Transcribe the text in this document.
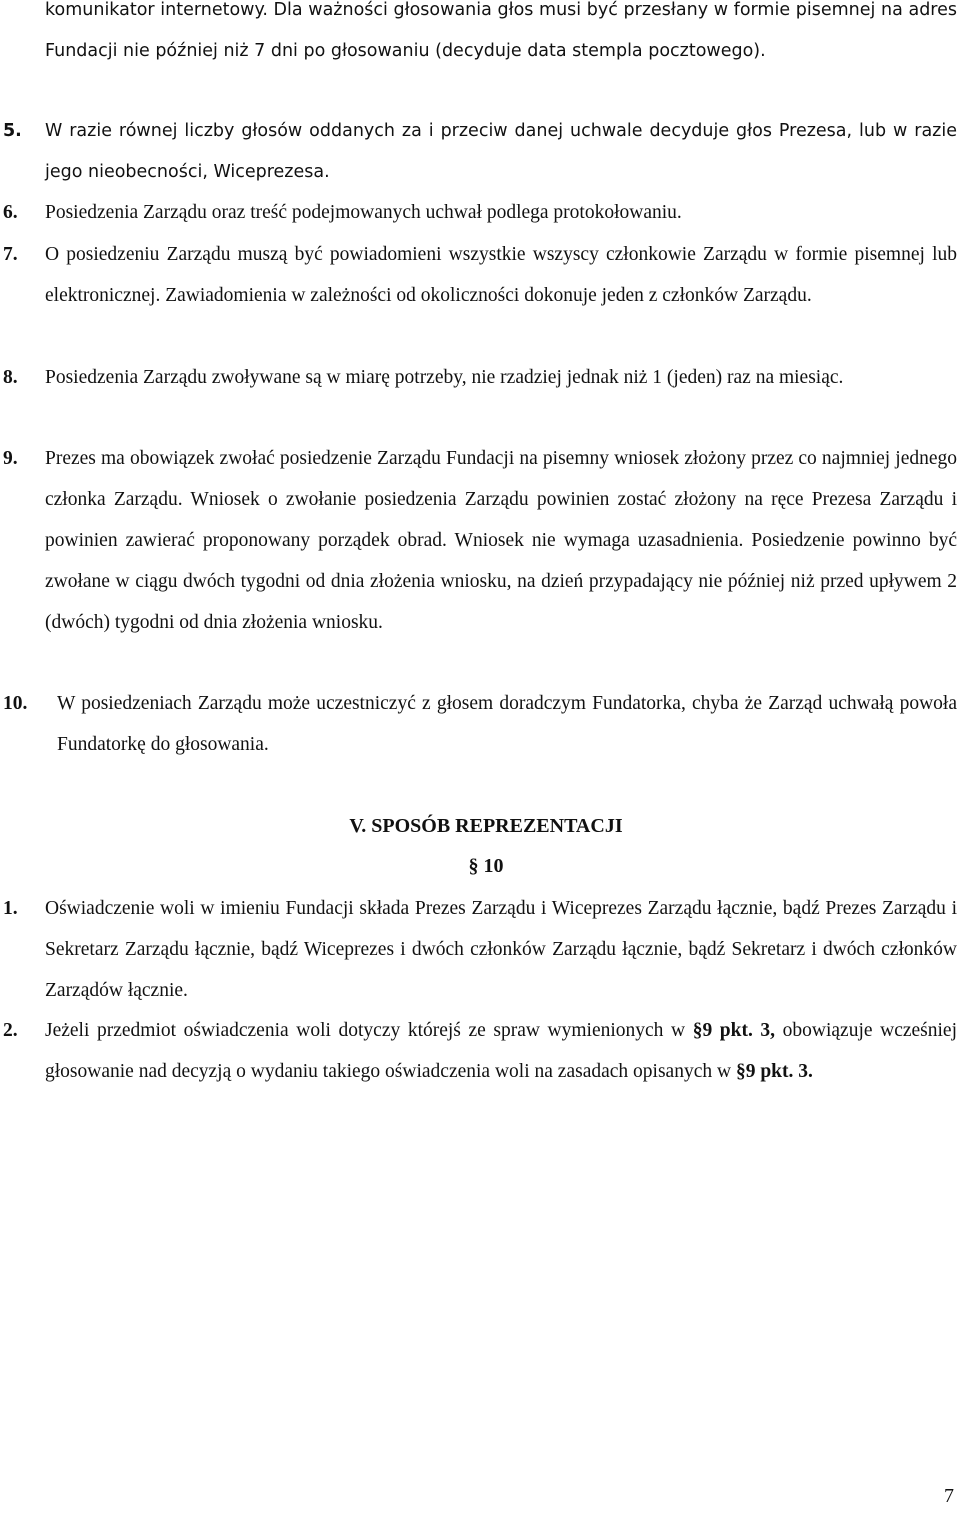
komunikator internetowy. Dla ważności głosowania głos musi być przesłany w formie pisemnej na adres Fundacji nie później niż 7 dni po głosowaniu (decyduje data stempla pocztowego).
5. W razie równej liczby głosów oddanych za i przeciw danej uchwale decyduje głos Prezesa, lub w razie jego nieobecności, Wiceprezesa.
6. Posiedzenia Zarządu oraz treść podejmowanych uchwał podlega protokołowaniu.
7. O posiedzeniu Zarządu muszą być powiadomieni wszystkie wszyscy członkowie Zarządu w formie pisemnej lub elektronicznej. Zawiadomienia w zależności od okoliczności dokonuje jeden z członków Zarządu.
8. Posiedzenia Zarządu zwoływane są w miarę potrzeby, nie rzadziej jednak niż 1 (jeden) raz na miesiąc.
9. Prezes ma obowiązek zwołać posiedzenie Zarządu Fundacji na pisemny wniosek złożony przez co najmniej jednego członka Zarządu. Wniosek o zwołanie posiedzenia Zarządu powinien zostać złożony na ręce Prezesa Zarządu i powinien zawierać proponowany porządek obrad. Wniosek nie wymaga uzasadnienia. Posiedzenie powinno być zwołane w ciągu dwóch tygodni od dnia złożenia wniosku, na dzień przypadający nie później niż przed upływem 2 (dwóch) tygodni od dnia złożenia wniosku.
10. W posiedzeniach Zarządu może uczestniczyć z głosem doradczym Fundatorka, chyba że Zarząd uchwałą powoła Fundatorkę do głosowania.
V. SPOSÓB REPREZENTACJI
§ 10
1. Oświadczenie woli w imieniu Fundacji składa Prezes Zarządu i Wiceprezes Zarządu łącznie, bądź Prezes Zarządu i Sekretarz Zarządu łącznie, bądź Wiceprezes i dwóch członków Zarządu łącznie, bądź Sekretarz i dwóch członków Zarządów łącznie.
2. Jeżeli przedmiot oświadczenia woli dotyczy którejś ze spraw wymienionych w §9 pkt. 3, obowiązuje wcześniej głosowanie nad decyzją o wydaniu takiego oświadczenia woli na zasadach opisanych w §9 pkt. 3.
7
